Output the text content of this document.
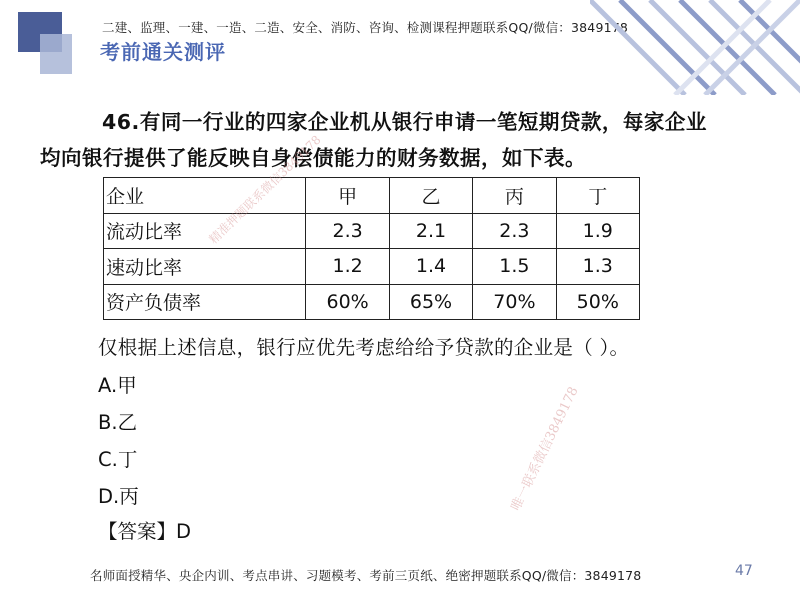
二建、监理、一建、一造、二造、安全、消防、咨询、检测课程押题联系QQ/微信：3849178
考前通关测评
46.有同一行业的四家企业机从银行申请一笔短期贷款，每家企业
均向银行提供了能反映自身偿债能力的财务数据，如下表。
企业	甲	乙	丙	丁
流动比率	2.3	2.1	2.3	1.9
速动比率	1.2	1.4	1.5	1.3
资产负债率	60%	65%	70%	50%
仅根据上述信息，银行应优先考虑给给予贷款的企业是（ ）。
A.甲
B.乙
C.丁
D.丙
【答案】D
精准押题联系微信3849178
唯一联系微信3849178
名师面授精华、央企内训、考点串讲、习题模考、考前三页纸、绝密押题联系QQ/微信：3849178	47
